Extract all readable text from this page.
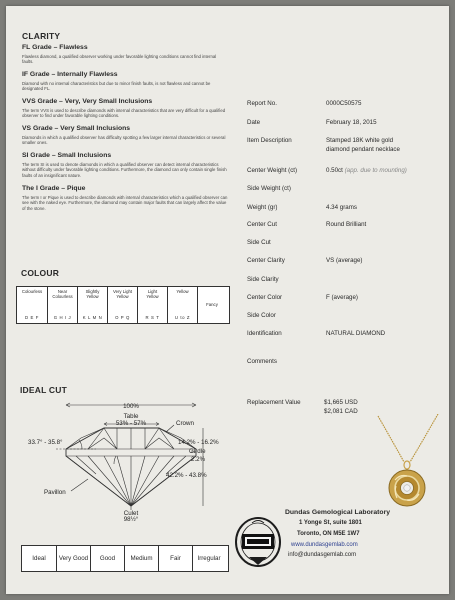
CLARITY
FL Grade – Flawless
Flawless diamond, a qualified observer working under favorable lighting conditions cannot find internal faults.
IF Grade – Internally Flawless
Diamond with no internal characteristics but due to minor finish faults, is not flawless and cannot be designated FL.
VVS Grade – Very, Very Small Inclusions
The term VVS is used to describe diamonds with internal characteristics that are very difficult for a qualified observer to find under favorable lighting conditions.
VS Grade – Very Small Inclusions
Diamonds in which a qualified observer has difficulty spotting a few larger internal characteristics or several smaller ones.
SI Grade – Small Inclusions
The term SI is used to denote diamonds in which a qualified observer can detect internal characteristics without difficulty under favorable lighting conditions. Furthermore, the diamond can only contain single finish faults of an insignificant nature.
The I Grade – Pique
The term I or Pique is used to describe diamonds with internal characteristics which a qualified observer can see with the naked eye. Furthermore, the diamond may contain major faults that can largely affect the value of the stone.
COLOUR
Colourless
D E F
Near Colourless
G H I J
Slightly Yellow
K L M N
Very Light Yellow
O P Q
Light Yellow
R S T
Yellow
U to Z
Fancy
IDEAL CUT
100%
Table
53% - 57%	Crown
33.7° - 35.8°	14.2% - 16.2%
Girdle
2.2%
42.2% - 43.8%
Pavillon
Culet
98½°
Ideal	Very Good	Good	Medium	Fair	Irregular
Report No.	0000C50575
Date	February 18, 2015
Item Description	Stamped 18K white gold
diamond pendant necklace
Center Weight (ct)	0.50ct (app. due to mounting)
Side Weight (ct)
Weight (gr)	4.34 grams
Center Cut	Round Brilliant
Side Cut
Center Clarity	VS (average)
Side Clarity
Center Color	F (average)
Side Color
Identification	NATURAL DIAMOND
Comments
Replacement Value	$1,665 USD
$2,081 CAD
Dundas Gemological Laboratory
1 Yonge St, suite 1801
Toronto, ON M5E 1W7
www.dundasgemlab.com
info@dundasgemlab.com
